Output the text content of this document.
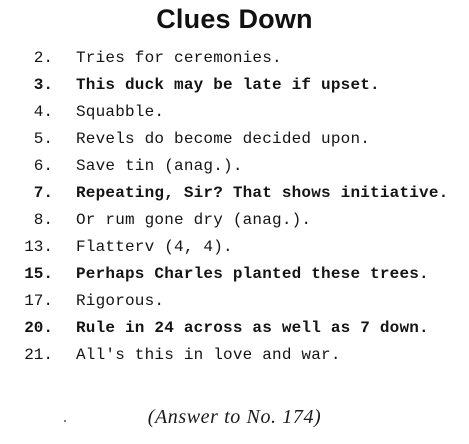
Clues Down
2. Tries for ceremonies.
3. This duck may be late if upset.
4. Squabble.
5. Revels do become decided upon.
6. Save tin (anag.).
7. Repeating, Sir? That shows initiative.
8. Or rum gone dry (anag.).
13. Flatterv (4, 4).
15. Perhaps Charles planted these trees.
17. Rigorous.
20. Rule in 24 across as well as 7 down.
21. All's this in love and war.
(Answer to No. 174)
